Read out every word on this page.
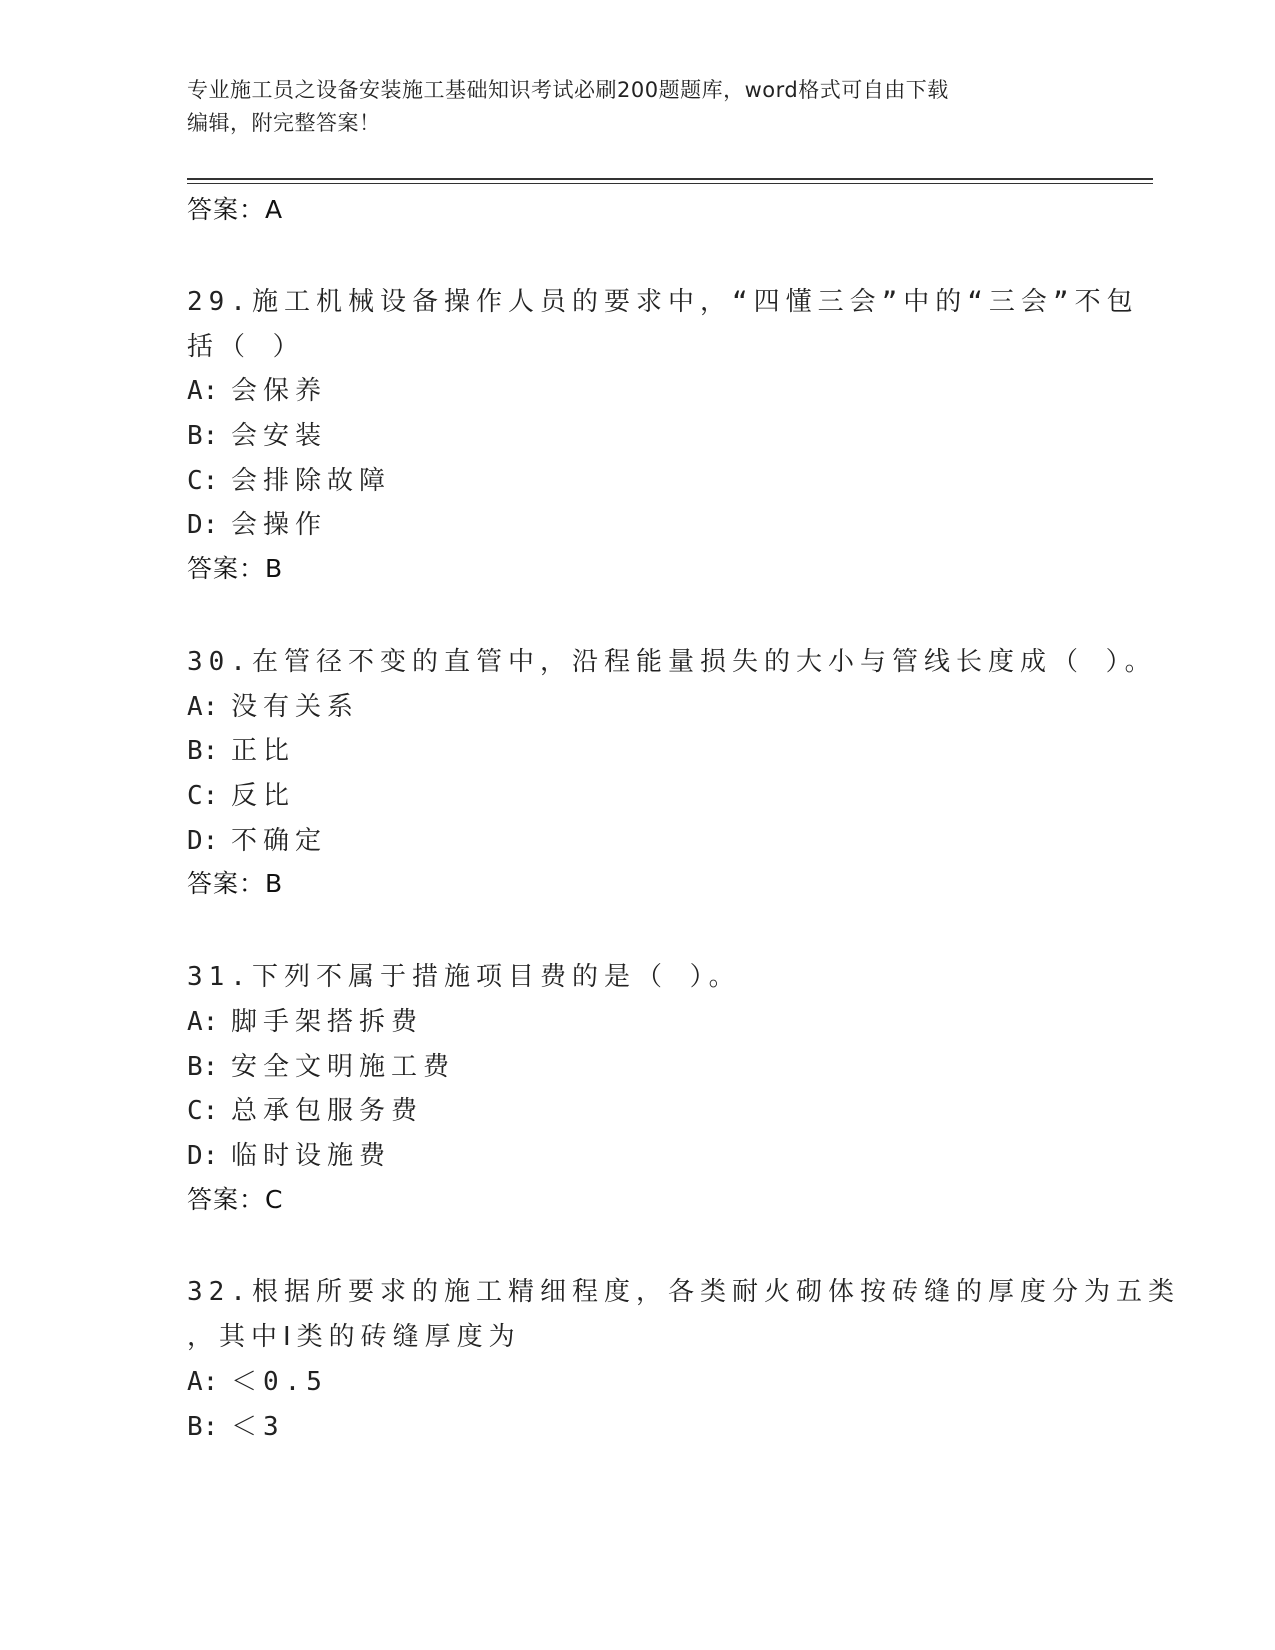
专业施工员之设备安装施工基础知识考试必刷200题题库，word格式可自由下载
编辑，附完整答案！
答案：A
29.施工机械设备操作人员的要求中，“四懂三会”中的“三会”不包
括（ ）
A: 会保养
B: 会安装
C: 会排除故障
D: 会操作
答案：B
30.在管径不变的直管中，沿程能量损失的大小与管线长度成（ ）。
A: 没有关系
B: 正比
C: 反比
D: 不确定
答案：B
31.下列不属于措施项目费的是（ ）。
A: 脚手架搭拆费
B: 安全文明施工费
C: 总承包服务费
D: 临时设施费
答案：C
32.根据所要求的施工精细程度，各类耐火砌体按砖缝的厚度分为五类
，其中Ⅰ类的砖缝厚度为
A: ＜0.5
B: ＜3
